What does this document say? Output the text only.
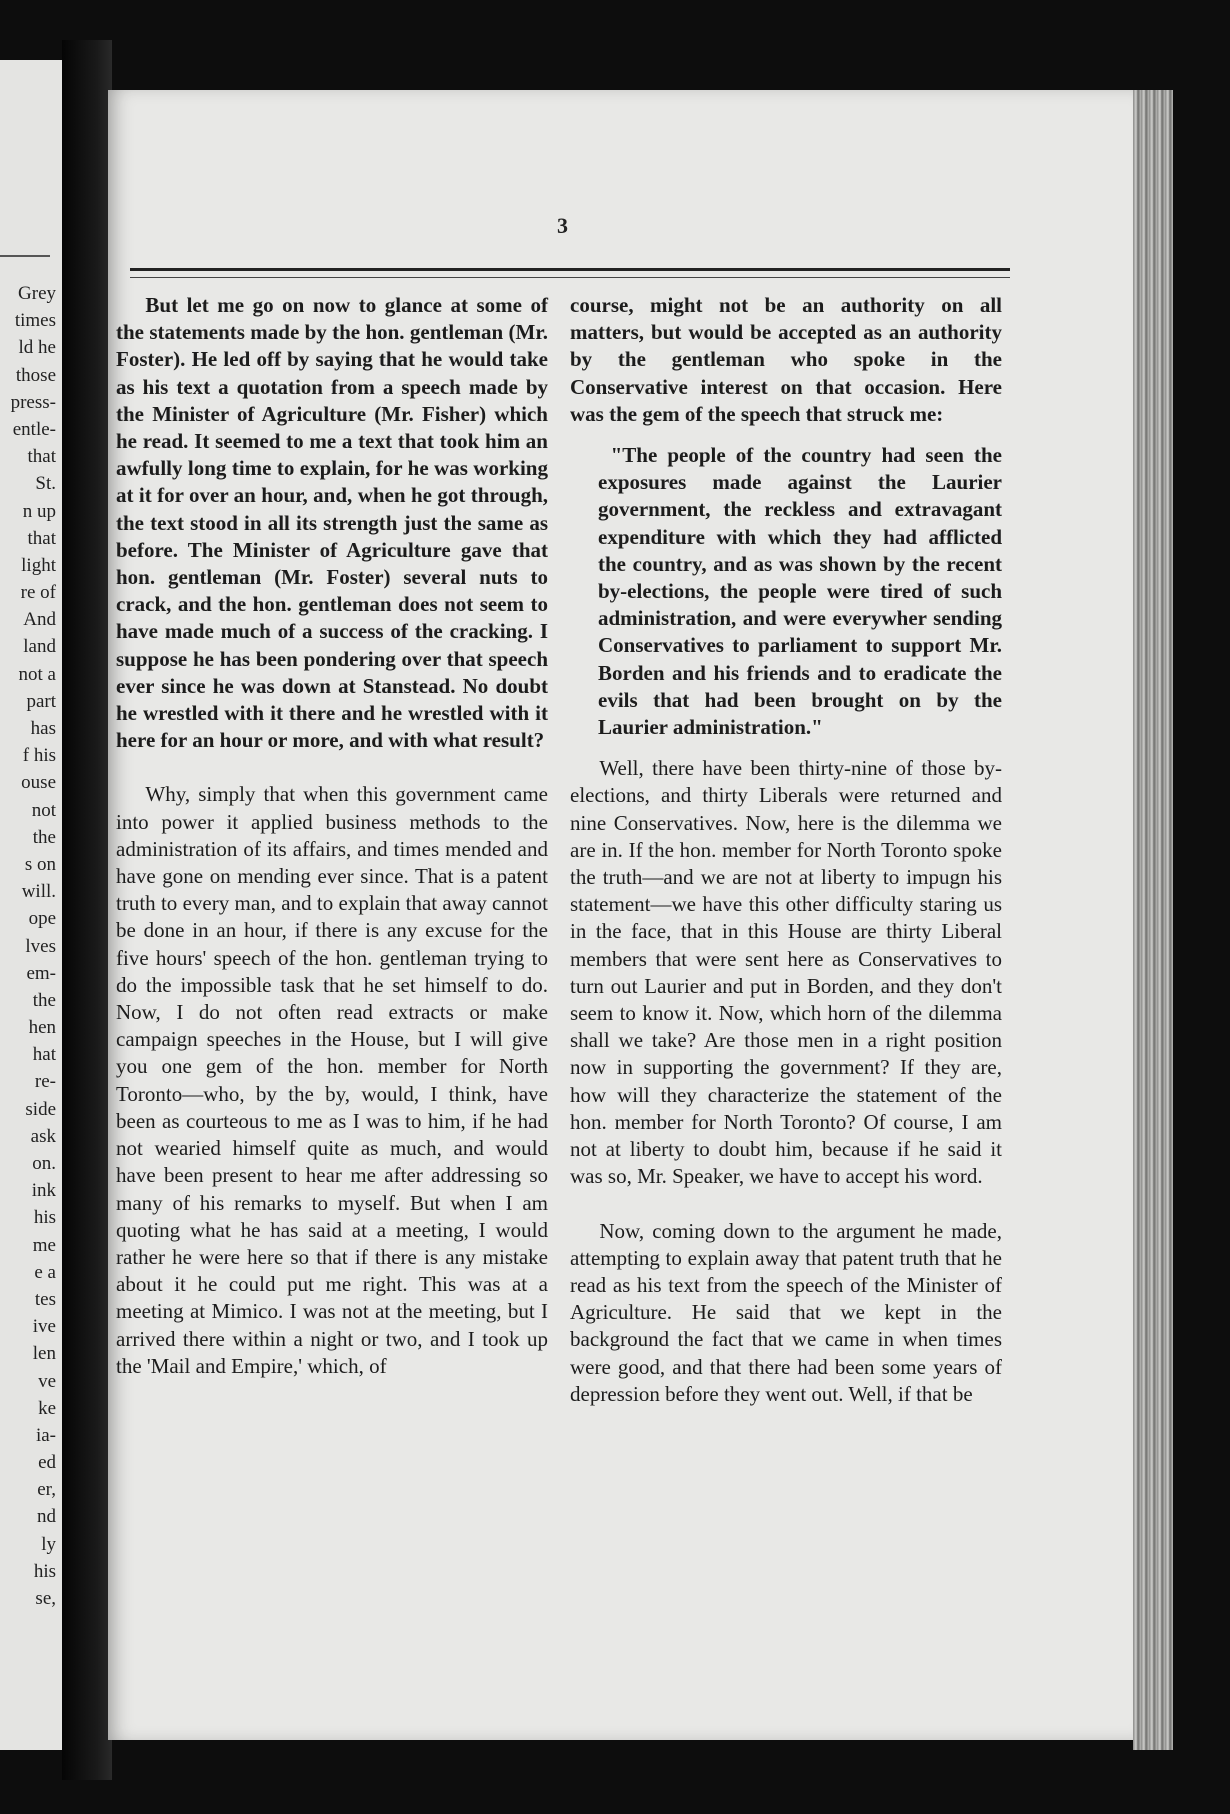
Grey
times
ld he
those
press-
entle-
that
St.
n up
that
light
re of
And
land
not a
part
has
f his
ouse
not
the
s on
will.
ope
lves
em-
the
hen
hat
re-
side
ask
on.
ink
his
me
e a
tes
ive
len
ve
ke
ia-
ed
er,
nd
ly
his
se,
3

But let me go on now to glance at some of the statements made by the hon. gentleman (Mr. Foster). He led off by saying that he would take as his text a quotation from a speech made by the Minister of Agriculture (Mr. Fisher) which he read. It seemed to me a text that took him an awfully long time to explain, for he was working at it for over an hour, and, when he got through, the text stood in all its strength just the same as before. The Minister of Agriculture gave that hon. gentleman (Mr. Foster) several nuts to crack, and the hon. gentleman does not seem to have made much of a success of the cracking. I suppose he has been pondering over that speech ever since he was down at Stanstead. No doubt he wrestled with it there and he wrestled with it here for an hour or more, and with what result?

Why, simply that when this government came into power it applied business methods to the administration of its affairs, and times mended and have gone on mending ever since. That is a patent truth to every man, and to explain that away cannot be done in an hour, if there is any excuse for the five hours' speech of the hon. gentleman trying to do the impossible task that he set himself to do. Now, I do not often read extracts or make campaign speeches in the House, but I will give you one gem of the hon. member for North Toronto—who, by the by, would, I think, have been as courteous to me as I was to him, if he had not wearied himself quite as much, and would have been present to hear me after addressing so many of his remarks to myself. But when I am quoting what he has said at a meeting, I would rather he were here so that if there is any mistake about it he could put me right. This was at a meeting at Mimico. I was not at the meeting, but I arrived there within a night or two, and I took up the 'Mail and Empire,' which, of

course, might not be an authority on all matters, but would be accepted as an authority by the gentleman who spoke in the Conservative interest on that occasion. Here was the gem of the speech that struck me:

"The people of the country had seen the exposures made against the Laurier government, the reckless and extravagant expenditure with which they had afflicted the country, and as was shown by the recent by-elections, the people were tired of such administration, and were everywher sending Conservatives to parliament to support Mr. Borden and his friends and to eradicate the evils that had been brought on by the Laurier administration."

Well, there have been thirty-nine of those by-elections, and thirty Liberals were returned and nine Conservatives. Now, here is the dilemma we are in. If the hon. member for North Toronto spoke the truth—and we are not at liberty to impugn his statement—we have this other difficulty staring us in the face, that in this House are thirty Liberal members that were sent here as Conservatives to turn out Laurier and put in Borden, and they don't seem to know it. Now, which horn of the dilemma shall we take? Are those men in a right position now in supporting the government? If they are, how will they characterize the statement of the hon. member for North Toronto? Of course, I am not at liberty to doubt him, because if he said it was so, Mr. Speaker, we have to accept his word.

Now, coming down to the argument he made, attempting to explain away that patent truth that he read as his text from the speech of the Minister of Agriculture. He said that we kept in the background the fact that we came in when times were good, and that there had been some years of depression before they went out. Well, if that be
